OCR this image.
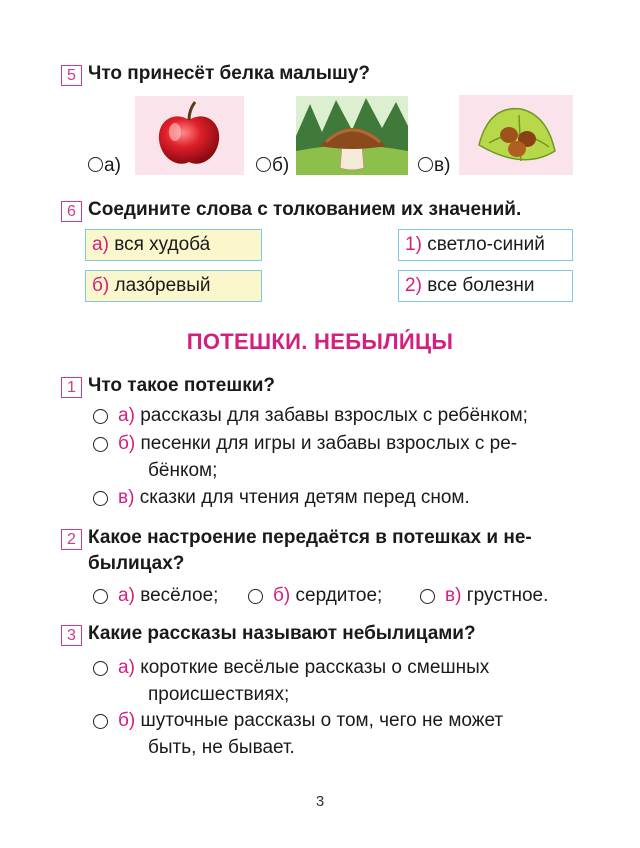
5 Что принесёт белка малышу?
а)	б)	в)
6 Соедините слова с толкованием их значений.
а) вся худоба́
б) лазо́ревый
1) светло-синий
2) все болезни
ПОТЕШКИ. НЕБЫЛИ́ЦЫ
1 Что такое потешки?
а) рассказы для забавы взрослых с ребёнком;
б) песенки для игры и забавы взрослых с ре-
бёнком;
в) сказки для чтения детям перед сном.
2 Какое настроение передаётся в потешках и не-
былицах?
а) весёлое;	б) сердитое;	в) грустное.
3 Какие рассказы называют небылицами?
а) короткие весёлые рассказы о смешных
происшествиях;
б) шуточные рассказы о том, чего не может
быть, не бывает.
3
